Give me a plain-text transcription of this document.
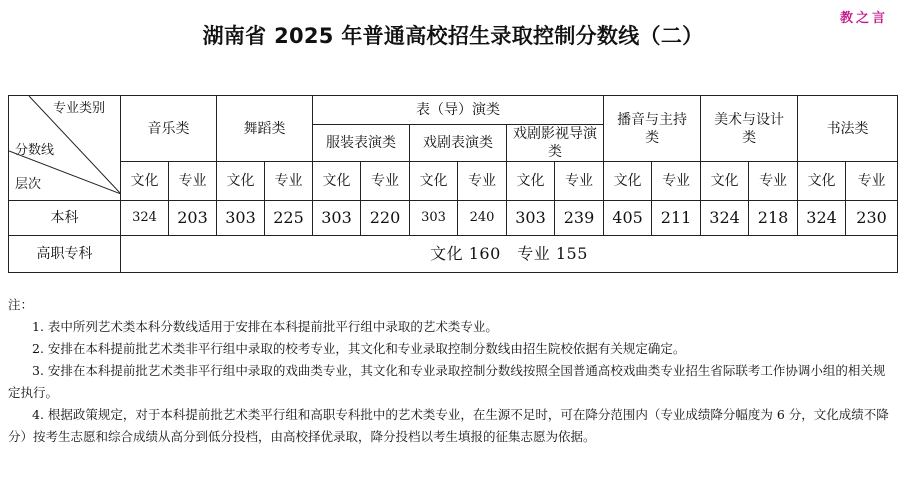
教之言
湖南省 2025 年普通高校招生录取控制分数线（二）
专业类别
分数线
层次	音乐类		舞蹈类		表（导）演类						播音与主持类		美术与设计类		书法类	
					服装表演类		戏剧表演类		戏剧影视导演类							
	文化	专业	文化	专业	文化	专业	文化	专业	文化	专业	文化	专业	文化	专业	文化	专业
本科	324	203	303	225	303	220	303	240	303	239	405	211	324	218	324	230
高职专科	文化 160　专业 155															
注：
1. 表中所列艺术类本科分数线适用于安排在本科提前批平行组中录取的艺术类专业。
2. 安排在本科提前批艺术类非平行组中录取的校考专业，其文化和专业录取控制分数线由招生院校依据有关规定确定。
3. 安排在本科提前批艺术类非平行组中录取的戏曲类专业，其文化和专业录取控制分数线按照全国普通高校戏曲类专业招生省际联考工作协调小组的相关规定执行。
4. 根据政策规定，对于本科提前批艺术类平行组和高职专科批中的艺术类专业，在生源不足时，可在降分范围内（专业成绩降分幅度为 6 分，文化成绩不降分）按考生志愿和综合成绩从高分到低分投档，由高校择优录取，降分投档以考生填报的征集志愿为依据。
